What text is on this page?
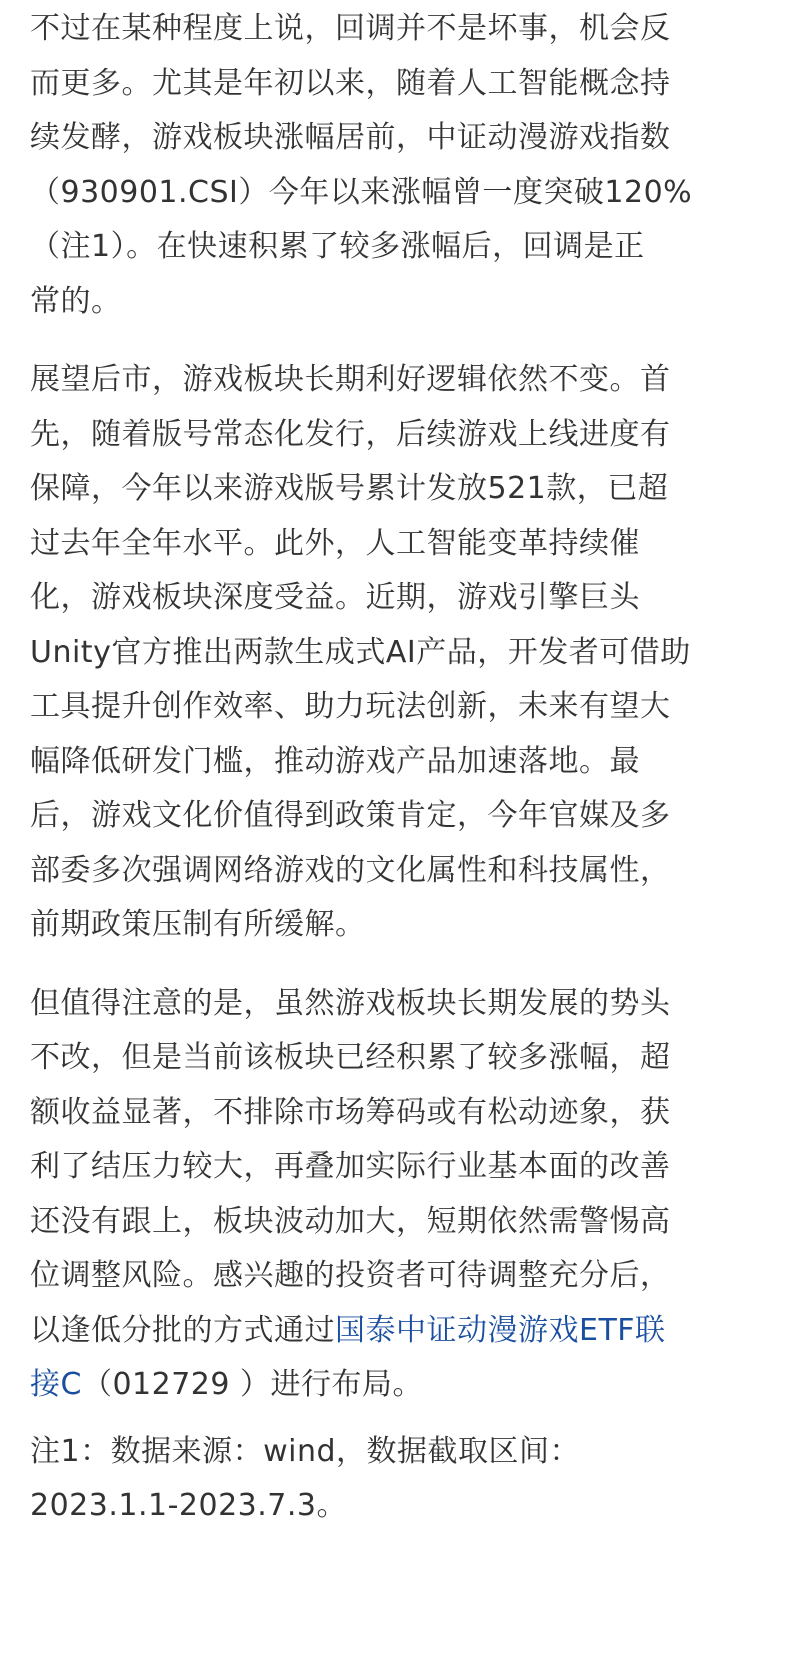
不过在某种程度上说，回调并不是坏事，机会反
而更多。尤其是年初以来，随着人工智能概念持
续发酵，游戏板块涨幅居前，中证动漫游戏指数
（930901.CSI）今年以来涨幅曾一度突破120%
（注1）。在快速积累了较多涨幅后，回调是正
常的。

展望后市，游戏板块长期利好逻辑依然不变。首
先，随着版号常态化发行，后续游戏上线进度有
保障，今年以来游戏版号累计发放521款，已超
过去年全年水平。此外，人工智能变革持续催
化，游戏板块深度受益。近期，游戏引擎巨头
Unity官方推出两款生成式AI产品，开发者可借助
工具提升创作效率、助力玩法创新，未来有望大
幅降低研发门槛，推动游戏产品加速落地。最
后，游戏文化价值得到政策肯定，今年官媒及多
部委多次强调网络游戏的文化属性和科技属性，
前期政策压制有所缓解。

但值得注意的是，虽然游戏板块长期发展的势头
不改，但是当前该板块已经积累了较多涨幅，超
额收益显著，不排除市场筹码或有松动迹象，获
利了结压力较大，再叠加实际行业基本面的改善
还没有跟上，板块波动加大，短期依然需警惕高
位调整风险。感兴趣的投资者可待调整充分后，
以逢低分批的方式通过国泰中证动漫游戏ETF联
接C（012729 ）进行布局。

注1：数据来源：wind，数据截取区间：
2023.1.1-2023.7.3。
